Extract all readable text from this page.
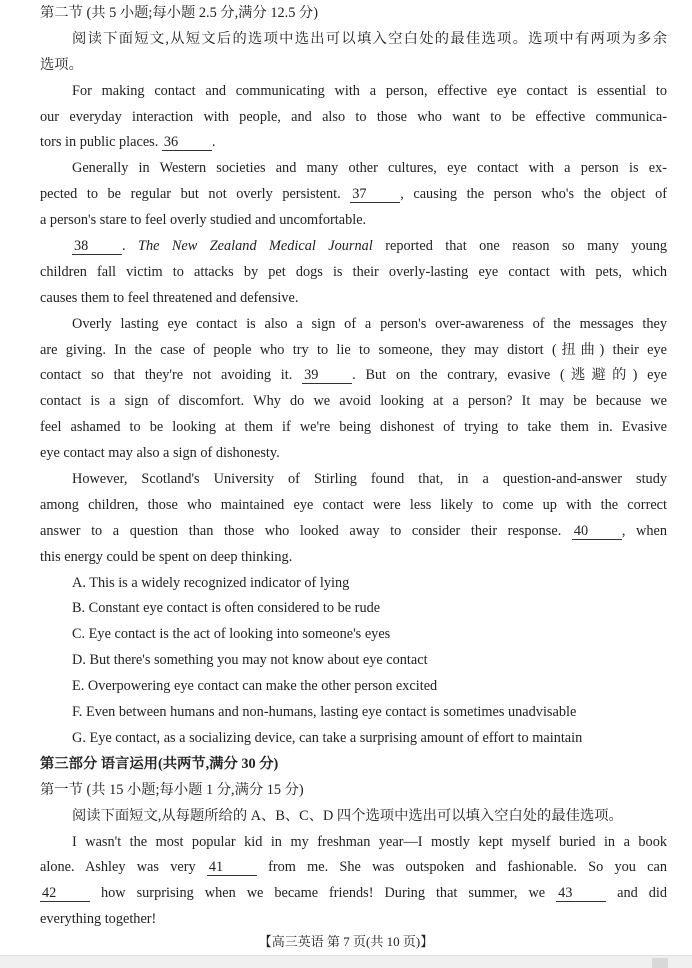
第二节 (共 5 小题;每小题 2.5 分,满分 12.5 分)
阅读下面短文,从短文后的选项中选出可以填入空白处的最佳选项。选项中有两项为多余
选项。
For making contact and communicating with a person, effective eye contact is essential to
our everyday interaction with people, and also to those who want to be effective communica-
tors in public places. 36 .
Generally in Western societies and many other cultures, eye contact with a person is ex-
pected to be regular but not overly persistent. 37 , causing the person who's the object of
a person's stare to feel overly studied and uncomfortable.
38 . The New Zealand Medical Journal reported that one reason so many young
children fall victim to attacks by pet dogs is their overly-lasting eye contact with pets, which
causes them to feel threatened and defensive.
Overly lasting eye contact is also a sign of a person's over-awareness of the messages they
are giving. In the case of people who try to lie to someone, they may distort (扭曲) their eye
contact so that they're not avoiding it. 39 . But on the contrary, evasive (逃避的) eye
contact is a sign of discomfort. Why do we avoid looking at a person? It may be because we
feel ashamed to be looking at them if we're being dishonest of trying to take them in. Evasive
eye contact may also a sign of dishonesty.
However, Scotland's University of Stirling found that, in a question-and-answer study
among children, those who maintained eye contact were less likely to come up with the correct
answer to a question than those who looked away to consider their response. 40 , when
this energy could be spent on deep thinking.
A. This is a widely recognized indicator of lying
B. Constant eye contact is often considered to be rude
C. Eye contact is the act of looking into someone's eyes
D. But there's something you may not know about eye contact
E. Overpowering eye contact can make the other person excited
F. Even between humans and non-humans, lasting eye contact is sometimes unadvisable
G. Eye contact, as a socializing device, can take a surprising amount of effort to maintain
第三部分 语言运用(共两节,满分 30 分)
第一节 (共 15 小题;每小题 1 分,满分 15 分)
阅读下面短文,从每题所给的 A、B、C、D 四个选项中选出可以填入空白处的最佳选项。
I wasn't the most popular kid in my freshman year—I mostly kept myself buried in a book
alone. Ashley was very 41 from me. She was outspoken and fashionable. So you can
42 how surprising when we became friends! During that summer, we 43 and did
everything together!
【高三英语 第 7 页(共 10 页)】
